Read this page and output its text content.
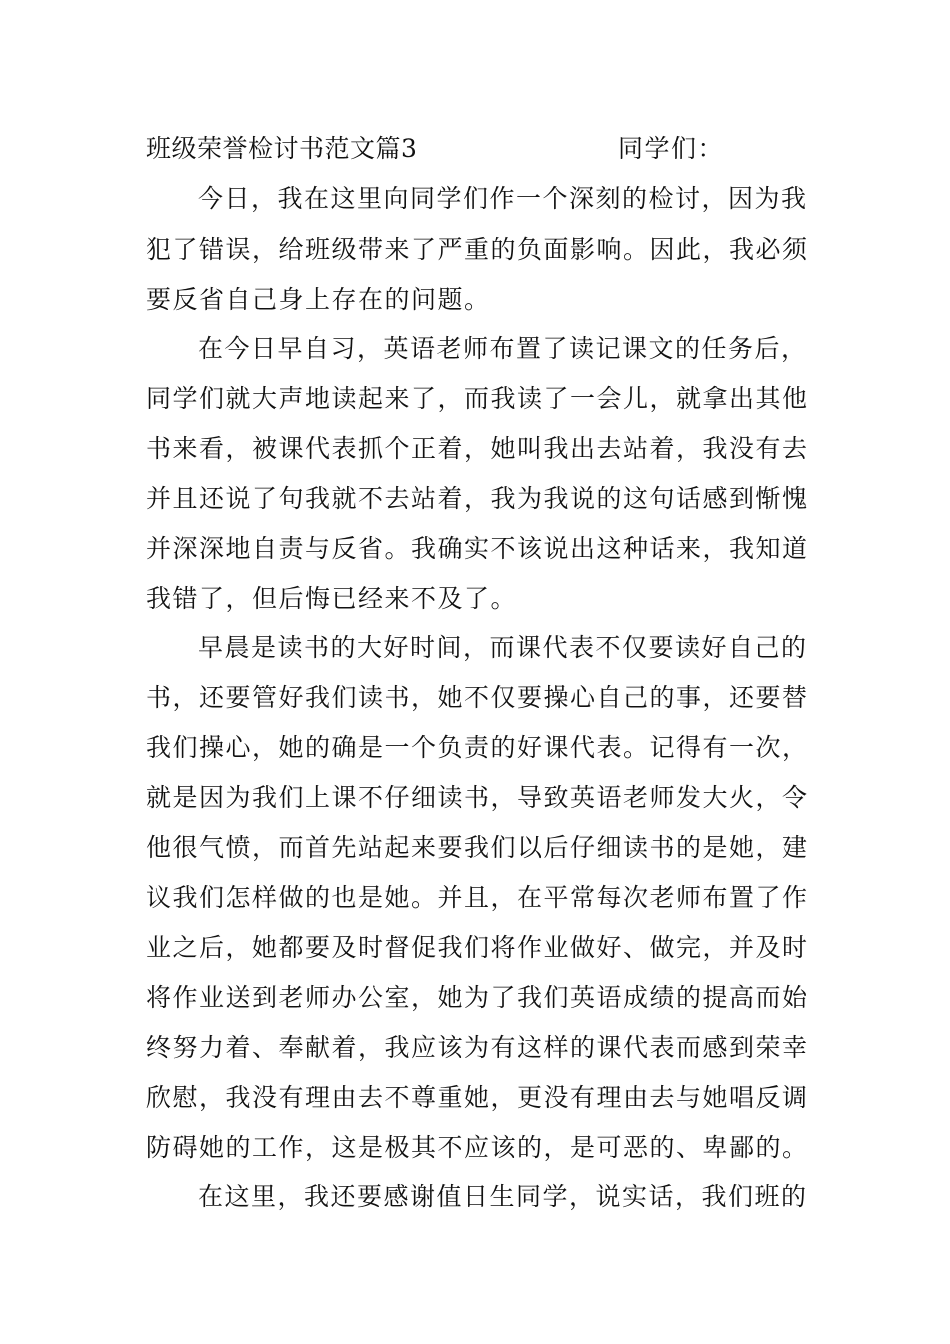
班级荣誉检讨书范文篇3	同学们：
今日，我在这里向同学们作一个深刻的检讨，因为我
犯了错误，给班级带来了严重的负面影响。因此，我必须
要反省自己身上存在的问题。
在今日早自习，英语老师布置了读记课文的任务后，
同学们就大声地读起来了，而我读了一会儿，就拿出其他
书来看，被课代表抓个正着，她叫我出去站着，我没有去
并且还说了句我就不去站着，我为我说的这句话感到惭愧
并深深地自责与反省。我确实不该说出这种话来，我知道
我错了，但后悔已经来不及了。
早晨是读书的大好时间，而课代表不仅要读好自己的
书，还要管好我们读书，她不仅要操心自己的事，还要替
我们操心，她的确是一个负责的好课代表。记得有一次，
就是因为我们上课不仔细读书，导致英语老师发大火，令
他很气愤，而首先站起来要我们以后仔细读书的是她，建
议我们怎样做的也是她。并且，在平常每次老师布置了作
业之后，她都要及时督促我们将作业做好、做完，并及时
将作业送到老师办公室，她为了我们英语成绩的提高而始
终努力着、奉献着，我应该为有这样的课代表而感到荣幸
欣慰，我没有理由去不尊重她，更没有理由去与她唱反调
防碍她的工作，这是极其不应该的，是可恶的、卑鄙的。
在这里，我还要感谢值日生同学，说实话，我们班的
